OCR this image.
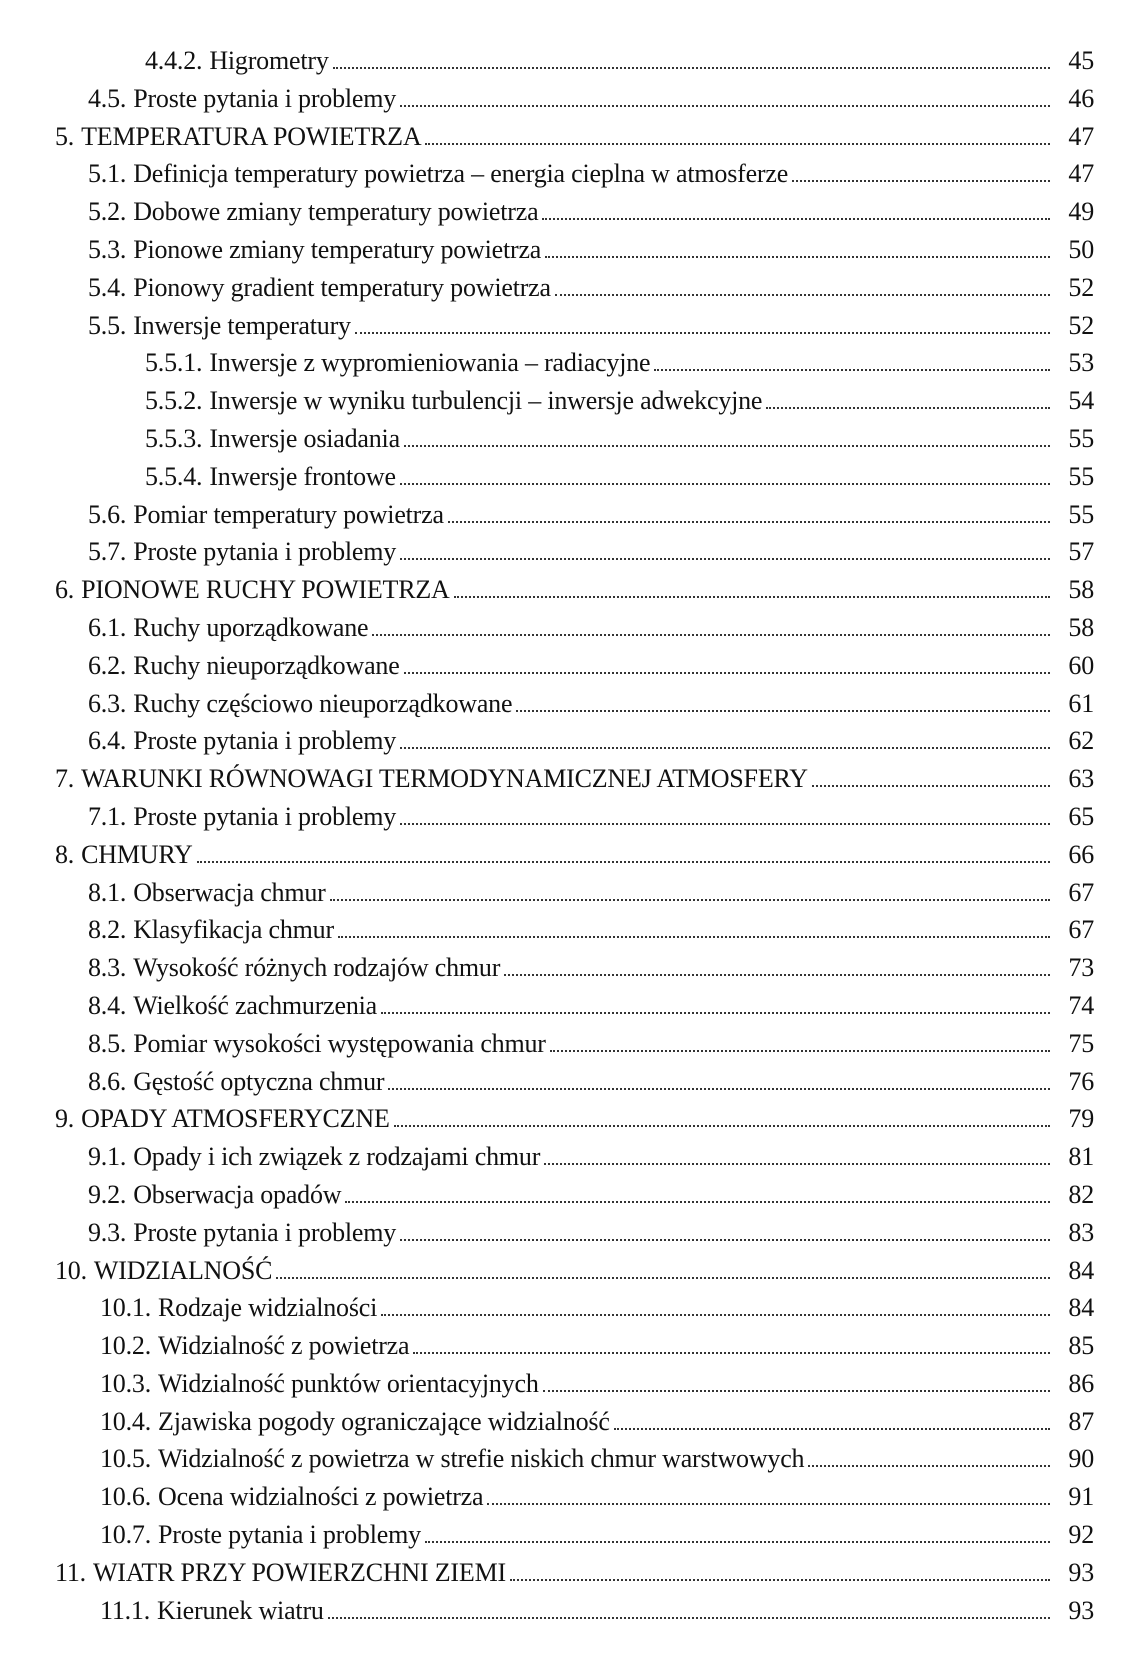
4.4.2. Higrometry	45
4.5. Proste pytania i problemy	46
5. TEMPERATURA POWIETRZA	47
5.1. Definicja temperatury powietrza – energia cieplna w atmosferze	47
5.2. Dobowe zmiany temperatury powietrza	49
5.3. Pionowe zmiany temperatury powietrza	50
5.4. Pionowy gradient temperatury powietrza	52
5.5. Inwersje temperatury	52
5.5.1. Inwersje z wypromieniowania – radiacyjne	53
5.5.2. Inwersje w wyniku turbulencji – inwersje adwekcyjne	54
5.5.3. Inwersje osiadania	55
5.5.4. Inwersje frontowe	55
5.6. Pomiar temperatury powietrza	55
5.7. Proste pytania i problemy	57
6. PIONOWE RUCHY POWIETRZA	58
6.1. Ruchy uporządkowane	58
6.2. Ruchy nieuporządkowane	60
6.3. Ruchy częściowo nieuporządkowane	61
6.4. Proste pytania i problemy	62
7. WARUNKI RÓWNOWAGI TERMODYNAMICZNEJ ATMOSFERY	63
7.1. Proste pytania i problemy	65
8. CHMURY	66
8.1. Obserwacja chmur	67
8.2. Klasyfikacja chmur	67
8.3. Wysokość różnych rodzajów chmur	73
8.4. Wielkość zachmurzenia	74
8.5. Pomiar wysokości występowania chmur	75
8.6. Gęstość optyczna chmur	76
9. OPADY ATMOSFERYCZNE	79
9.1. Opady i ich związek z rodzajami chmur	81
9.2. Obserwacja opadów	82
9.3. Proste pytania i problemy	83
10. WIDZIALNOŚĆ	84
10.1. Rodzaje widzialności	84
10.2. Widzialność z powietrza	85
10.3. Widzialność punktów orientacyjnych	86
10.4. Zjawiska pogody ograniczające widzialność	87
10.5. Widzialność z powietrza w strefie niskich chmur warstwowych	90
10.6. Ocena widzialności z powietrza	91
10.7. Proste pytania i problemy	92
11. WIATR PRZY POWIERZCHNI ZIEMI	93
11.1. Kierunek wiatru	93
